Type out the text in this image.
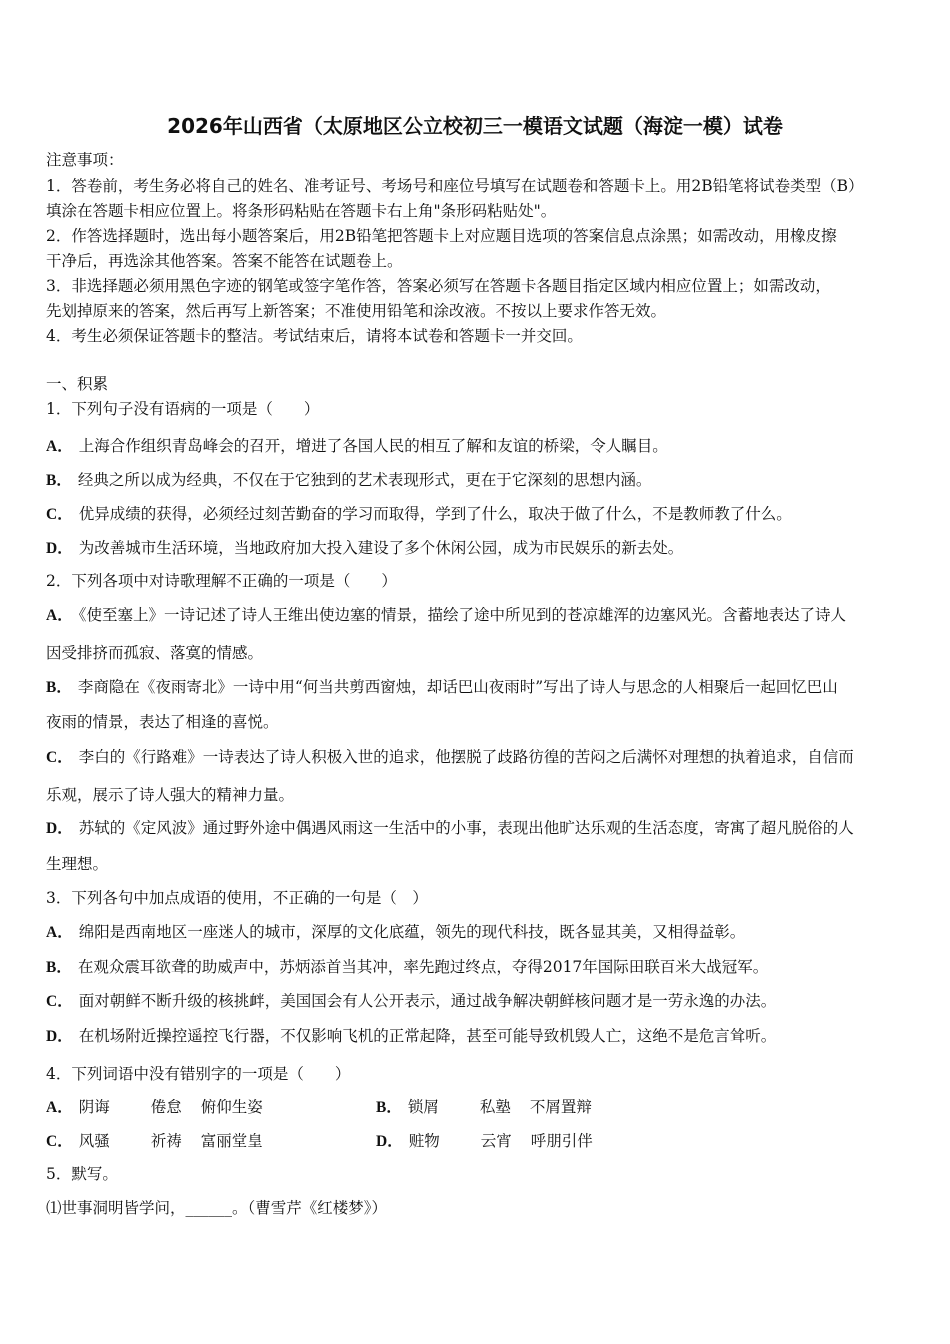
2026年山西省（太原地区公立校初三一模语文试题（海淀一模）试卷
注意事项：
1．答卷前，考生务必将自己的姓名、准考证号、考场号和座位号填写在试题卷和答题卡上。用2B铅笔将试卷类型（B）
填涂在答题卡相应位置上。将条形码粘贴在答题卡右上角"条形码粘贴处"。
2．作答选择题时，选出每小题答案后，用2B铅笔把答题卡上对应题目选项的答案信息点涂黑；如需改动，用橡皮擦
干净后，再选涂其他答案。答案不能答在试题卷上。
3．非选择题必须用黑色字迹的钢笔或签字笔作答，答案必须写在答题卡各题目指定区域内相应位置上；如需改动，
先划掉原来的答案，然后再写上新答案；不准使用铅笔和涂改液。不按以上要求作答无效。
4．考生必须保证答题卡的整洁。考试结束后，请将本试卷和答题卡一并交回。
一、积累
1．下列句子没有语病的一项是（　　）
A． 上海合作组织青岛峰会的召开，增进了各国人民的相互了解和友谊的桥梁，令人瞩目。
B． 经典之所以成为经典，不仅在于它独到的艺术表现形式，更在于它深刻的思想内涵。
C． 优异成绩的获得，必须经过刻苦勤奋的学习而取得，学到了什么，取决于做了什么，不是教师教了什么。
D． 为改善城市生活环境，当地政府加大投入建设了多个休闲公园，成为市民娱乐的新去处。
2．下列各项中对诗歌理解不正确的一项是（　　）
A． 《使至塞上》一诗记述了诗人王维出使边塞的情景，描绘了途中所见到的苍凉雄浑的边塞风光。含蓄地表达了诗人
因受排挤而孤寂、落寞的情感。
B． 李商隐在《夜雨寄北》一诗中用“何当共剪西窗烛，却话巴山夜雨时”写出了诗人与思念的人相聚后一起回忆巴山
夜雨的情景，表达了相逢的喜悦。
C． 李白的《行路难》一诗表达了诗人积极入世的追求，他摆脱了歧路彷徨的苦闷之后满怀对理想的执着追求，自信而
乐观，展示了诗人强大的精神力量。
D． 苏轼的《定风波》通过野外途中偶遇风雨这一生活中的小事，表现出他旷达乐观的生活态度，寄寓了超凡脱俗的人
生理想。
3．下列各句中加点成语的使用，不正确的一句是（　）
A． 绵阳是西南地区一座迷人的城市，深厚的文化底蕴，领先的现代科技，既各显其美，又相得益彰。
B． 在观众震耳欲聋的助威声中，苏炳添首当其冲，率先跑过终点，夺得2017年国际田联百米大战冠军。
C． 面对朝鲜不断升级的核挑衅，美国国会有人公开表示，通过战争解决朝鲜核问题才是一劳永逸的办法。
D． 在机场附近操控遥控飞行器，不仅影响飞机的正常起降，甚至可能导致机毁人亡，这绝不是危言耸听。
4．下列词语中没有错别字的一项是（　　）
A． 阴诲	倦怠 俯仰生姿	B． 锁屑	私塾 不屑置辩
C． 风骚	祈祷 富丽堂皇	D． 赃物	云宵 呼朋引伴
5．默写。
⑴世事洞明皆学问，______。（曹雪芹《红楼梦》）
